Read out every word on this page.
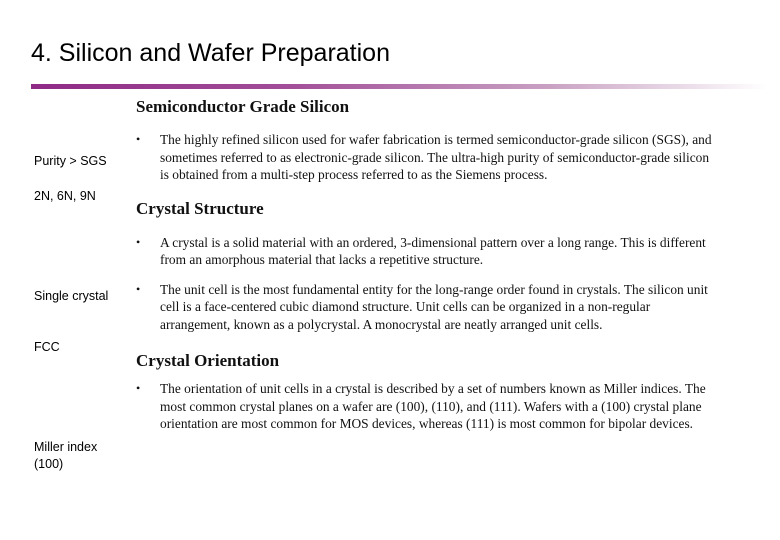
4. Silicon and Wafer Preparation
Purity > SGS
2N, 6N, 9N
Single crystal
FCC
Miller index
(100)
Semiconductor Grade Silicon
•	The highly refined silicon used for wafer fabrication is termed semiconductor-grade silicon (SGS), and sometimes referred to as electronic-grade silicon. The ultra-high purity of semiconductor-grade silicon is obtained from a multi-step process referred to as the Siemens process.
Crystal Structure
•	A crystal is a solid material with an ordered, 3-dimensional pattern over a long range. This is different from an amorphous material that lacks a repetitive structure.
•	The unit cell is the most fundamental entity for the long-range order found in crystals. The silicon unit cell is a face-centered cubic diamond structure. Unit cells can be organized in a non-regular arrangement, known as a polycrystal. A monocrystal are neatly arranged unit cells.
Crystal Orientation
•	The orientation of unit cells in a crystal is described by a set of numbers known as Miller indices. The most common crystal planes on a wafer are (100), (110), and (111). Wafers with a (100) crystal plane orientation are most common for MOS devices, whereas (111) is most common for bipolar devices.
